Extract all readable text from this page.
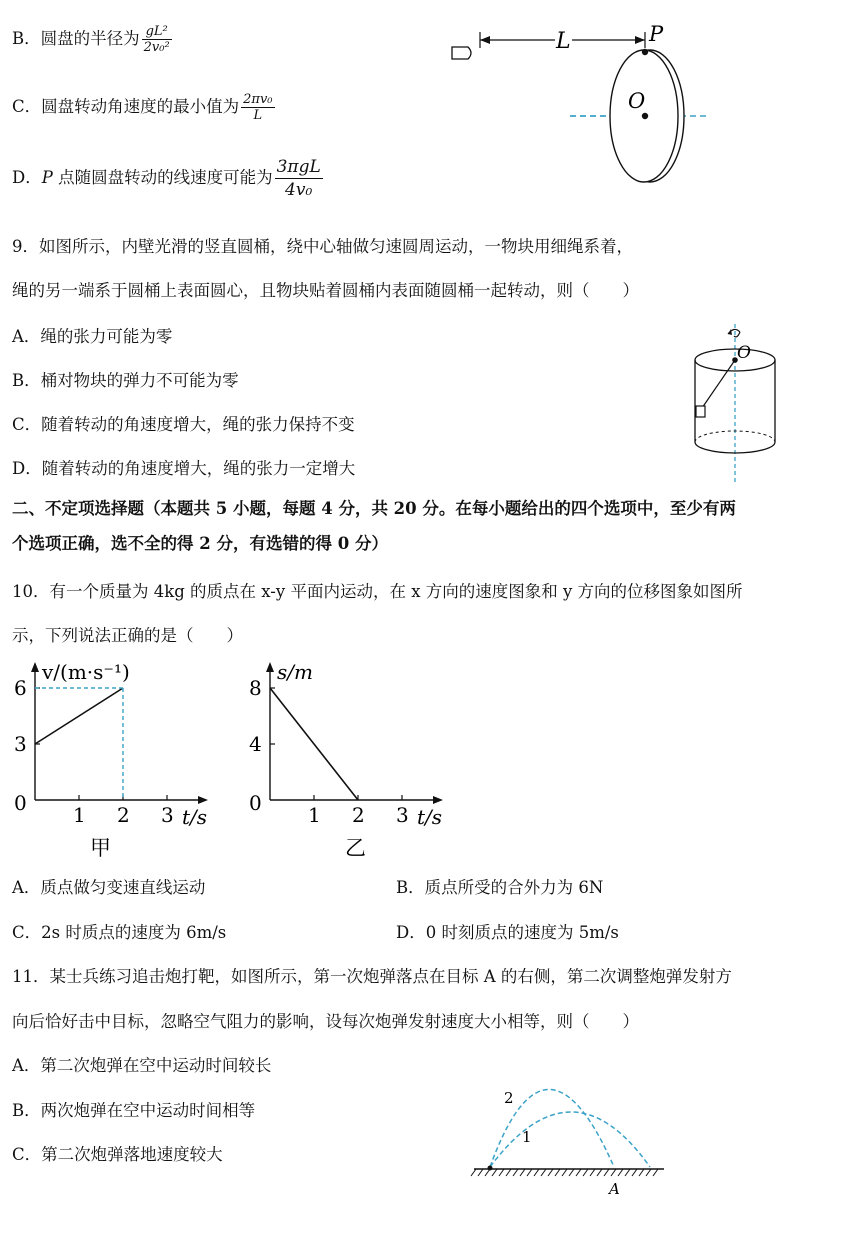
B．圆盘的半径为 $\frac{\text{gL²}}{\text{2v₀²}}$
C．圆盘转动角速度的最小值为 $\frac{\text{2πv₀}}{L}$
D．P 点随圆盘转动的线速度可能为 $\frac{\text{3πgL}}{\text{4v₀}}$
L	P
O
9．如图所示，内壁光滑的竖直圆桶，绕中心轴做匀速圆周运动，一物块用细绳系着，
绳的另一端系于圆桶上表面圆心，且物块贴着圆桶内表面随圆桶一起转动，则（　　）
A．绳的张力可能为零
B．桶对物块的弹力不可能为零
C．随着转动的角速度增大，绳的张力保持不变
D．随着转动的角速度增大，绳的张力一定增大
O
二、不定项选择题（本题共 5 小题，每题 4 分，共 20 分。在每小题给出的四个选项中，至少有两
个选项正确，选不全的得 2 分，有选错的得 0 分）
10．有一个质量为 4kg 的质点在 x-y 平面内运动，在 x 方向的速度图象和 y 方向的位移图象如图所
示，下列说法正确的是（　　）
v/(m·s⁻¹)
t/s
0
甲
1 2 3
3
6
s/m
t/s
0
乙
1 2 3
4
8
A．质点做匀变速直线运动	B．质点所受的合外力为 6N
C．2s 时质点的速度为 6m/s	D．0 时刻质点的速度为 5m/s
11．某士兵练习追击炮打靶，如图所示，第一次炮弹落点在目标 A 的右侧，第二次调整炮弹发射方
向后恰好击中目标，忽略空气阻力的影响，设每次炮弹发射速度大小相等，则（　　）
A．第二次炮弹在空中运动时间较长
B．两次炮弹在空中运动时间相等
C．第二次炮弹落地速度较大
2
1
A
